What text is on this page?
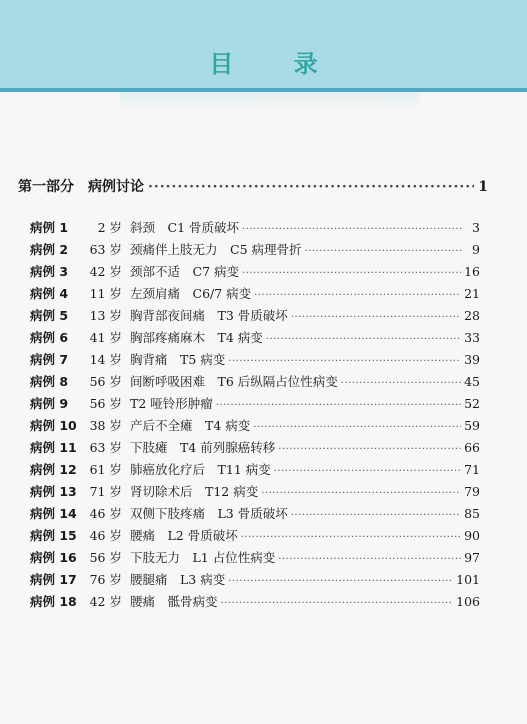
目 录
第一部分 病例讨论 ·····	1
病例 1	2 岁 斜颈　C1 骨质破坏 ·····	3
病例 2	63 岁 颈痛伴上肢无力　C5 病理骨折 ·····	9
病例 3	42 岁 颈部不适　C7 病变 ·····	16
病例 4	11 岁 左颈肩痛　C6/7 病变 ·····	21
病例 5	13 岁 胸背部夜间痛　T3 骨质破坏 ·····	28
病例 6	41 岁 胸部疼痛麻木　T4 病变 ·····	33
病例 7	14 岁 胸背痛　T5 病变 ·····	39
病例 8	56 岁 间断呼吸困难　T6 后纵隔占位性病变 ·····	45
病例 9	56 岁 T2 哑铃形肿瘤 ·····	52
病例 10	38 岁 产后不全瘫　T4 病变 ·····	59
病例 11	63 岁 下肢瘫　T4 前列腺癌转移 ·····	66
病例 12	61 岁 肺癌放化疗后　T11 病变 ·····	71
病例 13	71 岁 肾切除术后　T12 病变 ·····	79
病例 14	46 岁 双侧下肢疼痛　L3 骨质破坏 ·····	85
病例 15	46 岁 腰痛　L2 骨质破坏 ·····	90
病例 16	56 岁 下肢无力　L1 占位性病变 ·····	97
病例 17	76 岁 腰腿痛　L3 病变 ·····	101
病例 18	42 岁 腰痛　骶骨病变 ·····	106
